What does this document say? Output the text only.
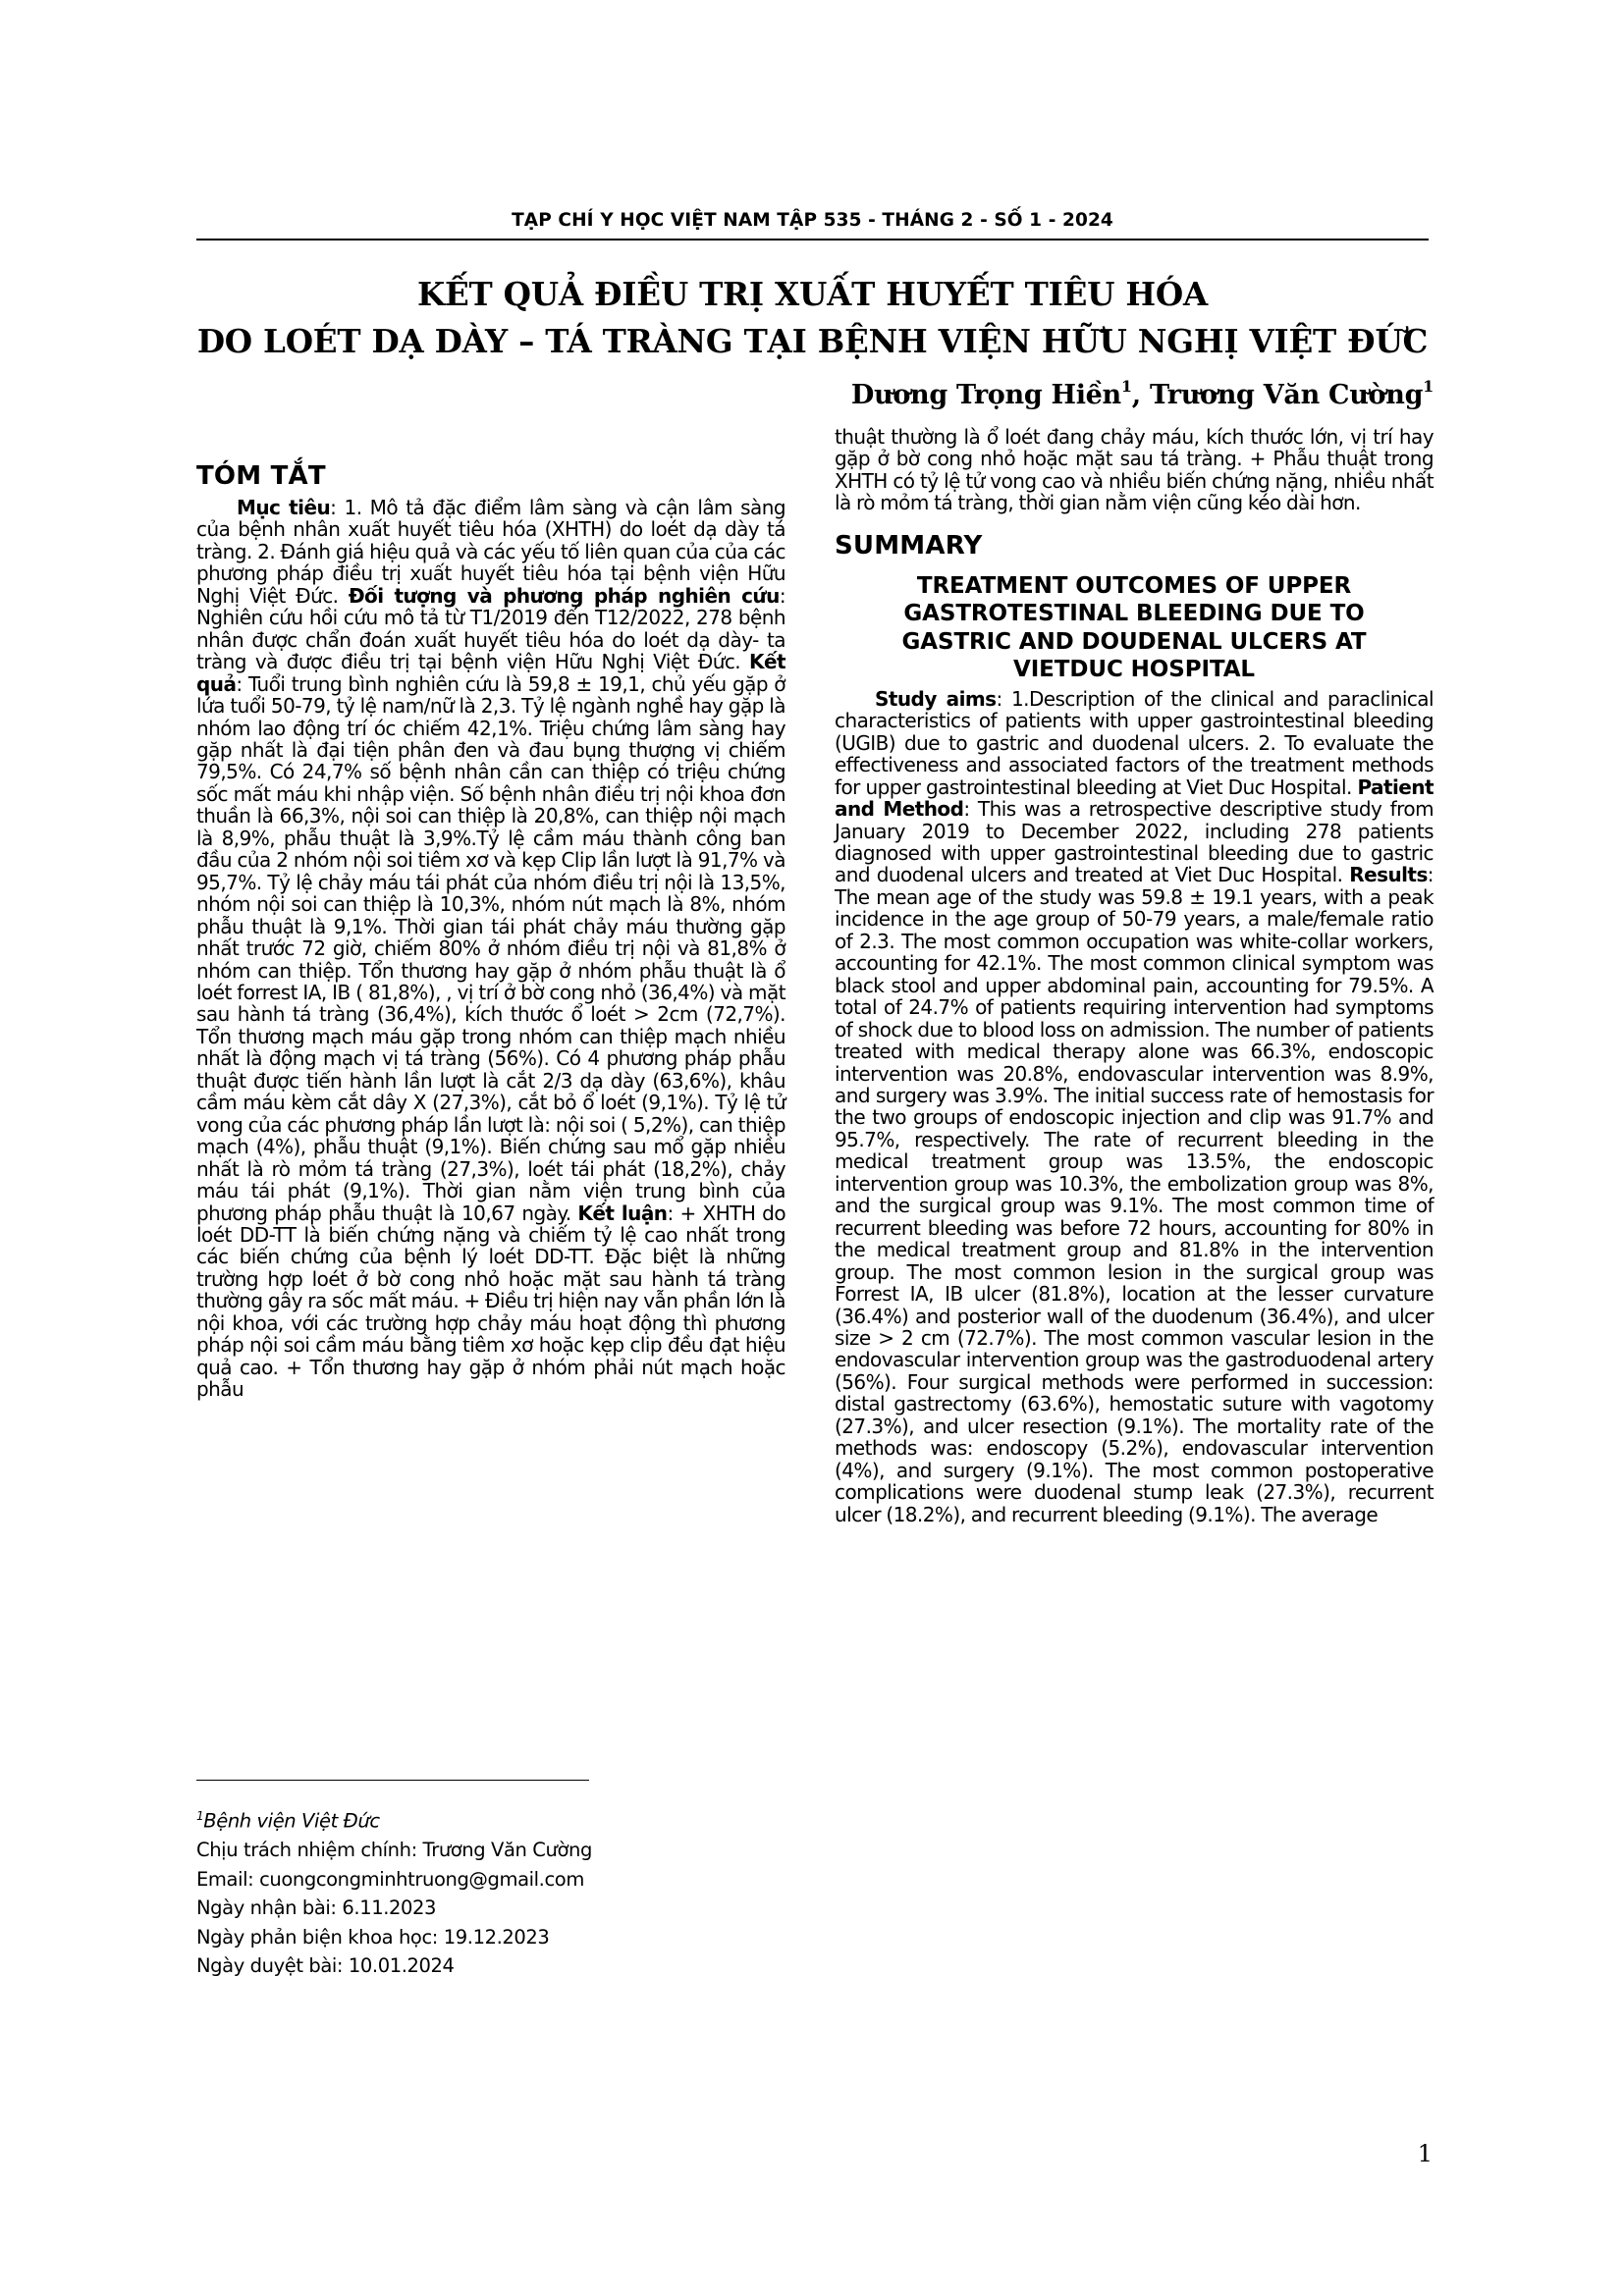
TẠP CHÍ Y HỌC VIỆT NAM TẬP 535 - THÁNG 2 - SỐ 1 - 2024
KẾT QUẢ ĐIỀU TRỊ XUẤT HUYẾT TIÊU HÓA
DO LOÉT DẠ DÀY – TÁ TRÀNG TẠI BỆNH VIỆN HỮU NGHỊ VIỆT ĐỨC
Dương Trọng Hiền$^1$, Trương Văn Cường$^1$
TÓM TẮT

Mục tiêu: 1. Mô tả đặc điểm lâm sàng và cận lâm sàng của bệnh nhân xuất huyết tiêu hóa (XHTH) do loét dạ dày tá tràng. 2. Đánh giá hiệu quả và các yếu tố liên quan của của các phương pháp điều trị xuất huyết tiêu hóa tại bệnh viện Hữu Nghị Việt Đức. Đối tượng và phương pháp nghiên cứu: Nghiên cứu hồi cứu mô tả từ T1/2019 đến T12/2022, 278 bệnh nhân được chẩn đoán xuất huyết tiêu hóa do loét dạ dày- ta tràng và được điều trị tại bệnh viện Hữu Nghị Việt Đức. Kết quả: Tuổi trung bình nghiên cứu là 59,8 ± 19,1, chủ yếu gặp ở lứa tuổi 50-79, tỷ lệ nam/nữ là 2,3. Tỷ lệ ngành nghề hay gặp là nhóm lao động trí óc chiếm 42,1%. Triệu chứng lâm sàng hay gặp nhất là đại tiện phân đen và đau bụng thượng vị chiếm 79,5%. Có 24,7% số bệnh nhân cần can thiệp có triệu chứng sốc mất máu khi nhập viện. Số bệnh nhân điều trị nội khoa đơn thuần là 66,3%, nội soi can thiệp là 20,8%, can thiệp nội mạch là 8,9%, phẫu thuật là 3,9%.Tỷ lệ cầm máu thành công ban đầu của 2 nhóm nội soi tiêm xơ và kẹp Clip lần lượt là 91,7% và 95,7%. Tỷ lệ chảy máu tái phát của nhóm điều trị nội là 13,5%, nhóm nội soi can thiệp là 10,3%, nhóm nút mạch là 8%, nhóm phẫu thuật là 9,1%. Thời gian tái phát chảy máu thường gặp nhất trước 72 giờ, chiếm 80% ở nhóm điều trị nội và 81,8% ở nhóm can thiệp. Tổn thương hay gặp ở nhóm phẫu thuật là ổ loét forrest IA, IB ( 81,8%), , vị trí ở bờ cong nhỏ (36,4%) và mặt sau hành tá tràng (36,4%), kích thước ổ loét > 2cm (72,7%). Tổn thương mạch máu gặp trong nhóm can thiệp mạch nhiều nhất là động mạch vị tá tràng (56%). Có 4 phương pháp phẫu thuật được tiến hành lần lượt là cắt 2/3 dạ dày (63,6%), khâu cầm máu kèm cắt dây X (27,3%), cắt bỏ ổ loét (9,1%). Tỷ lệ tử vong của các phương pháp lần lượt là: nội soi ( 5,2%), can thiệp mạch (4%), phẫu thuật (9,1%). Biến chứng sau mổ gặp nhiều nhất là rò mỏm tá tràng (27,3%), loét tái phát (18,2%), chảy máu tái phát (9,1%). Thời gian nằm viện trung bình của phương pháp phẫu thuật là 10,67 ngày. Kết luận: + XHTH do loét DD-TT là biến chứng nặng và chiếm tỷ lệ cao nhất trong các biến chứng của bệnh lý loét DD-TT. Đặc biệt là những trường hợp loét ở bờ cong nhỏ hoặc mặt sau hành tá tràng thường gây ra sốc mất máu. + Điều trị hiện nay vẫn phần lớn là nội khoa, với các trường hợp chảy máu hoạt động thì phương pháp nội soi cầm máu bằng tiêm xơ hoặc kẹp clip đều đạt hiệu quả cao. + Tổn thương hay gặp ở nhóm phải nút mạch hoặc phẫu

thuật thường là ổ loét đang chảy máu, kích thước lớn, vị trí hay gặp ở bờ cong nhỏ hoặc mặt sau tá tràng. + Phẫu thuật trong XHTH có tỷ lệ tử vong cao và nhiều biến chứng nặng, nhiều nhất là rò mỏm tá tràng, thời gian nằm viện cũng kéo dài hơn.

SUMMARY
TREATMENT OUTCOMES OF UPPER
GASTROTESTINAL BLEEDING DUE TO
GASTRIC AND DOUDENAL ULCERS AT
VIETDUC HOSPITAL

Study aims: 1.Description of the clinical and paraclinical characteristics of patients with upper gastrointestinal bleeding (UGIB) due to gastric and duodenal ulcers. 2. To evaluate the effectiveness and associated factors of the treatment methods for upper gastrointestinal bleeding at Viet Duc Hospital. Patient and Method: This was a retrospective descriptive study from January 2019 to December 2022, including 278 patients diagnosed with upper gastrointestinal bleeding due to gastric and duodenal ulcers and treated at Viet Duc Hospital. Results: The mean age of the study was 59.8 ± 19.1 years, with a peak incidence in the age group of 50-79 years, a male/female ratio of 2.3. The most common occupation was white-collar workers, accounting for 42.1%. The most common clinical symptom was black stool and upper abdominal pain, accounting for 79.5%. A total of 24.7% of patients requiring intervention had symptoms of shock due to blood loss on admission. The number of patients treated with medical therapy alone was 66.3%, endoscopic intervention was 20.8%, endovascular intervention was 8.9%, and surgery was 3.9%. The initial success rate of hemostasis for the two groups of endoscopic injection and clip was 91.7% and 95.7%, respectively. The rate of recurrent bleeding in the medical treatment group was 13.5%, the endoscopic intervention group was 10.3%, the embolization group was 8%, and the surgical group was 9.1%. The most common time of recurrent bleeding was before 72 hours, accounting for 80% in the medical treatment group and 81.8% in the intervention group. The most common lesion in the surgical group was Forrest IA, IB ulcer (81.8%), location at the lesser curvature (36.4%) and posterior wall of the duodenum (36.4%), and ulcer size > 2 cm (72.7%). The most common vascular lesion in the endovascular intervention group was the gastroduodenal artery (56%). Four surgical methods were performed in succession: distal gastrectomy (63.6%), hemostatic suture with vagotomy (27.3%), and ulcer resection (9.1%). The mortality rate of the methods was: endoscopy (5.2%), endovascular intervention (4%), and surgery (9.1%). The most common postoperative complications were duodenal stump leak (27.3%), recurrent ulcer (18.2%), and recurrent bleeding (9.1%). The average

$^1$Bệnh viện Việt Đức
Chịu trách nhiệm chính: Trương Văn Cường
Email: cuongcongminhtruong@gmail.com
Ngày nhận bài: 6.11.2023
Ngày phản biện khoa học: 19.12.2023
Ngày duyệt bài: 10.01.2024
1
